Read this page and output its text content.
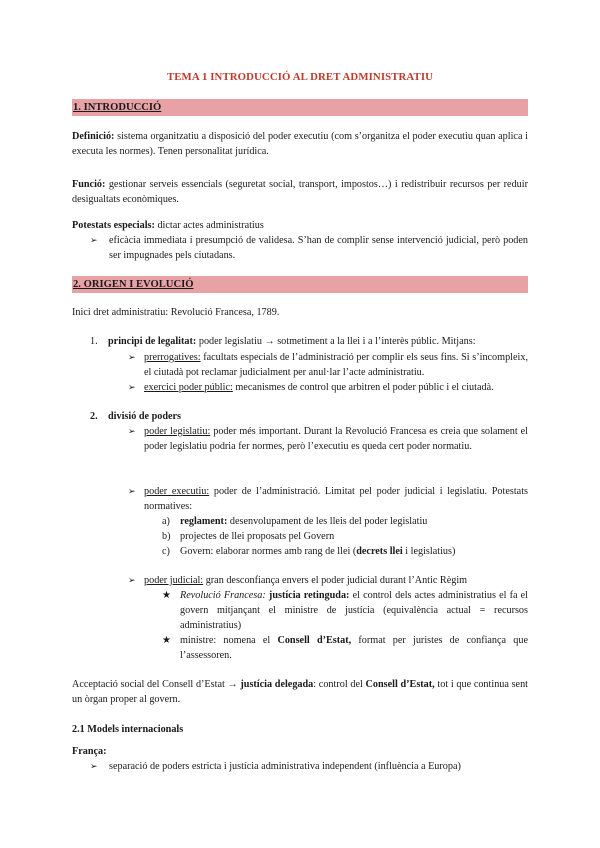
TEMA 1 INTRODUCCIÓ AL DRET ADMINISTRATIU
1. INTRODUCCIÓ
Definició: sistema organitzatiu a disposició del poder executiu (com s’organitza el poder executiu quan aplica i executa les normes). Tenen personalitat jurídica.
Funció: gestionar serveis essencials (seguretat social, transport, impostos…) i redistribuir recursos per reduir desigualtats econòmiques.
Potestats especials: dictar actes administratius
➢ eficàcia immediata i presumpció de validesa. S’han de complir sense intervenció judicial, però poden ser impugnades pels ciutadans.
2. ORIGEN I EVOLUCIÓ
Inici dret administratiu: Revolució Francesa, 1789.
1. principi de legalitat: poder legislatiu → sotmetiment a la llei i a l’interès públic. Mitjans:
➢ prerrogatives: facultats especials de l’administració per complir els seus fins. Si s’incompleix, el ciutadà pot reclamar judicialment per anul·lar l’acte administratiu.
➢ exercici poder públic: mecanismes de control que arbitren el poder públic i el ciutadà.
2. divisió de poders
➢ poder legislatiu: poder més important. Durant la Revolució Francesa es creia que solament el poder legislatiu podria fer normes, però l’executiu es queda cert poder normatiu.
➢ poder executiu: poder de l’administració. Limitat pel poder judicial i legislatiu. Potestats normatives:
a) reglament: desenvolupament de les lleis del poder legislatiu
b) projectes de llei proposats pel Govern
c) Govern: elaborar normes amb rang de llei (decrets llei i legislatius)
➢ poder judicial: gran desconfiança envers el poder judicial durant l’Antic Règim
★ Revolució Francesa: justícia retinguda: el control dels actes administratius el fa el govern mitjançant el ministre de justícia (equivalència actual = recursos administratius)
★ ministre: nomena el Consell d’Estat, format per juristes de confiança que l’assessoren.
Acceptació social del Consell d’Estat → justícia delegada: control del Consell d’Estat, tot i que continua sent un òrgan proper al govern.
2.1 Models internacionals
França:
➢ separació de poders estricta i justícia administrativa independent (influència a Europa)
